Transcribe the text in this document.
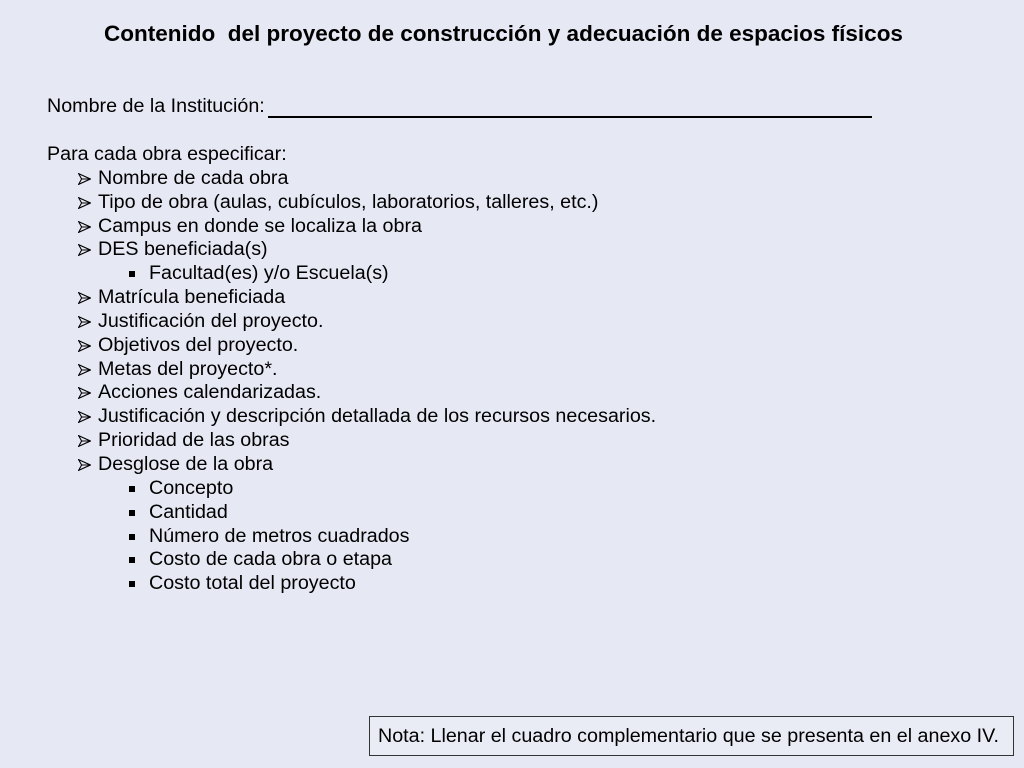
Contenido  del proyecto de construcción y adecuación de espacios físicos
Nombre de la Institución:
Para cada obra especificar:
Nombre de cada obra
Tipo de obra (aulas, cubículos, laboratorios, talleres, etc.)
Campus en donde se localiza la obra
DES beneficiada(s)
Facultad(es) y/o Escuela(s)
Matrícula beneficiada
Justificación del proyecto.
Objetivos del proyecto.
Metas del proyecto*.
Acciones calendarizadas.
Justificación y descripción detallada de los recursos necesarios.
Prioridad de las obras
Desglose de la obra
Concepto
Cantidad
Número de metros cuadrados
Costo de cada obra o etapa
Costo total del proyecto
Nota: Llenar el cuadro complementario que se presenta en el anexo IV.
